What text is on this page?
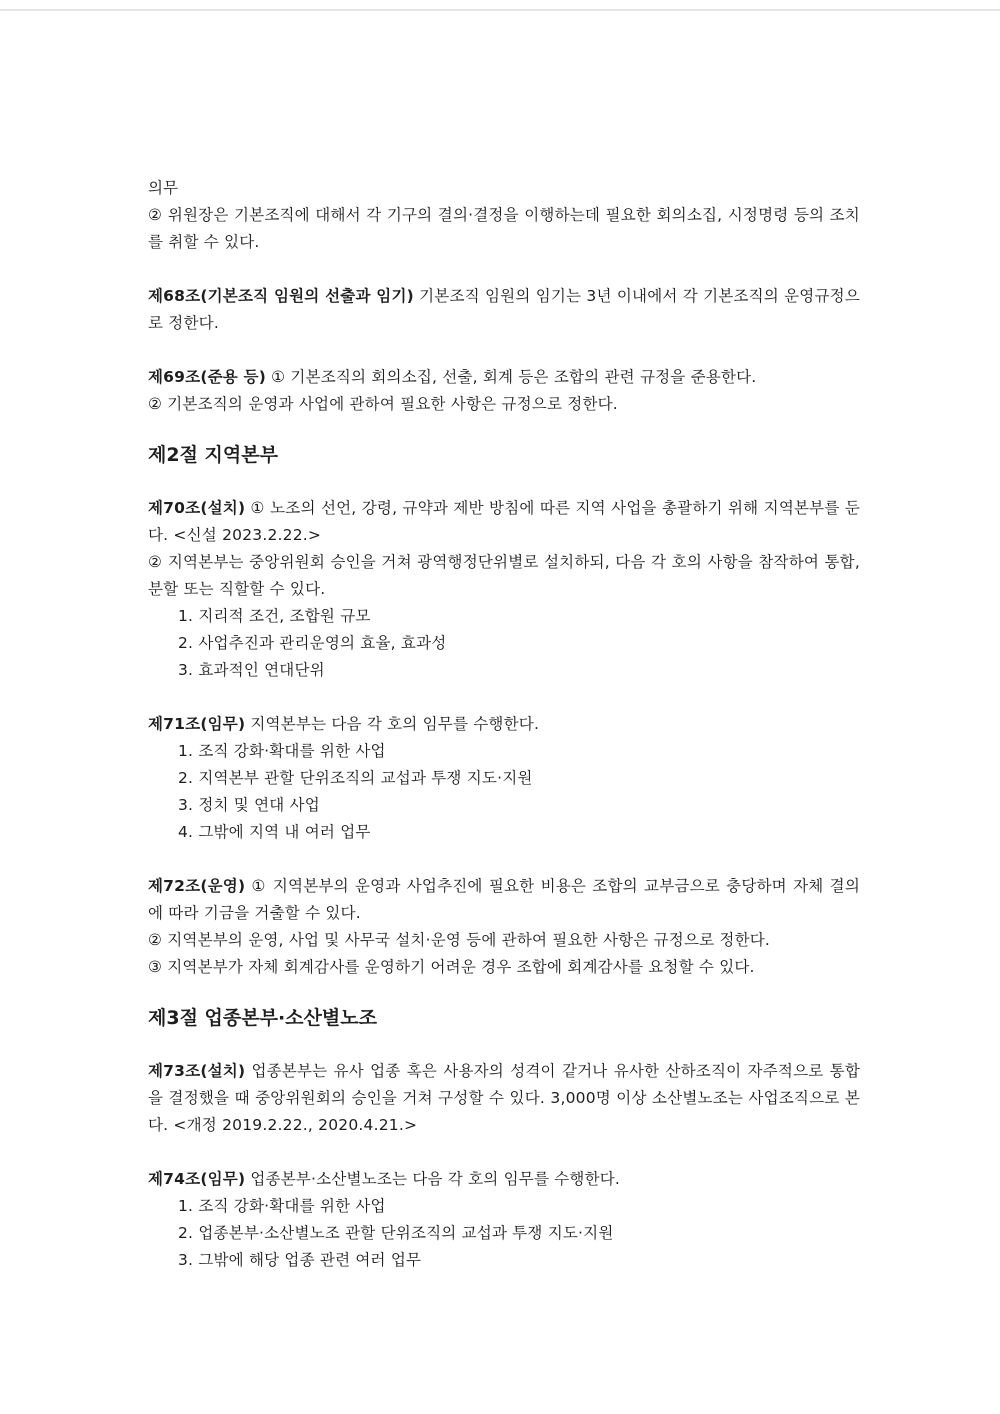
의무

② 위원장은 기본조직에 대해서 각 기구의 결의·결정을 이행하는데 필요한 회의소집, 시정명령 등의 조치를 취할 수 있다.

제68조(기본조직 임원의 선출과 임기) 기본조직 임원의 임기는 3년 이내에서 각 기본조직의 운영규정으로 정한다.

제69조(준용 등) ① 기본조직의 회의소집, 선출, 회계 등은 조합의 관련 규정을 준용한다.

② 기본조직의 운영과 사업에 관하여 필요한 사항은 규정으로 정한다.

제2절 지역본부

제70조(설치) ① 노조의 선언, 강령, 규약과 제반 방침에 따른 지역 사업을 총괄하기 위해 지역본부를 둔다. <신설 2023.2.22.>

② 지역본부는 중앙위원회 승인을 거쳐 광역행정단위별로 설치하되, 다음 각 호의 사항을 참작하여 통합, 분할 또는 직할할 수 있다.

1. 지리적 조건, 조합원 규모

2. 사업추진과 관리운영의 효율, 효과성

3. 효과적인 연대단위

제71조(임무) 지역본부는 다음 각 호의 임무를 수행한다.

1. 조직 강화·확대를 위한 사업

2. 지역본부 관할 단위조직의 교섭과 투쟁 지도·지원

3. 정치 및 연대 사업

4. 그밖에 지역 내 여러 업무

제72조(운영) ① 지역본부의 운영과 사업추진에 필요한 비용은 조합의 교부금으로 충당하며 자체 결의에 따라 기금을 거출할 수 있다.

② 지역본부의 운영, 사업 및 사무국 설치·운영 등에 관하여 필요한 사항은 규정으로 정한다.

③ 지역본부가 자체 회계감사를 운영하기 어려운 경우 조합에 회계감사를 요청할 수 있다.

제3절 업종본부·소산별노조

제73조(설치) 업종본부는 유사 업종 혹은 사용자의 성격이 같거나 유사한 산하조직이 자주적으로 통합을 결정했을 때 중앙위원회의 승인을 거쳐 구성할 수 있다. 3,000명 이상 소산별노조는 사업조직으로 본다. <개정 2019.2.22., 2020.4.21.>

제74조(임무) 업종본부·소산별노조는 다음 각 호의 임무를 수행한다.

1. 조직 강화·확대를 위한 사업

2. 업종본부·소산별노조 관할 단위조직의 교섭과 투쟁 지도·지원

3. 그밖에 해당 업종 관련 여러 업무
